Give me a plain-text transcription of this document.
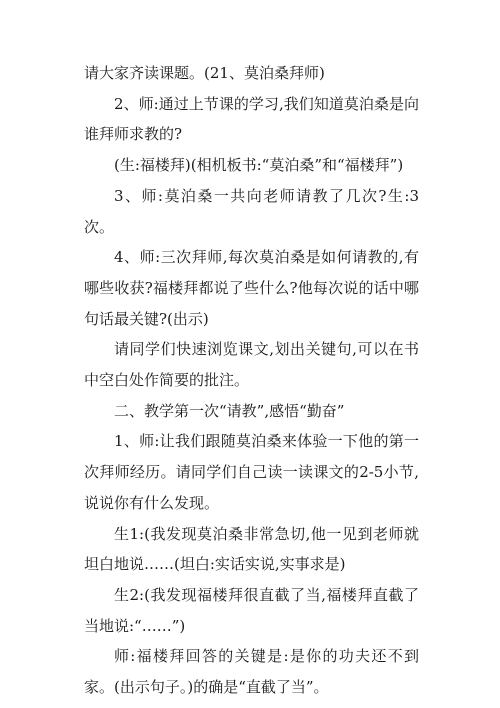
请大家齐读课题。(21、莫泊桑拜师)

2、师:通过上节课的学习,我们知道莫泊桑是向谁拜师求教的?

(生:福楼拜)(相机板书:“莫泊桑”和“福楼拜”)

3、师:莫泊桑一共向老师请教了几次?生:3次。

4、师:三次拜师,每次莫泊桑是如何请教的,有哪些收获?福楼拜都说了些什么?他每次说的话中哪句话最关键?(出示)

请同学们快速浏览课文,划出关键句,可以在书中空白处作简要的批注。

二、教学第一次“请教”,感悟“勤奋”

1、师:让我们跟随莫泊桑来体验一下他的第一次拜师经历。请同学们自己读一读课文的2-5小节,说说你有什么发现。

生1:(我发现莫泊桑非常急切,他一见到老师就坦白地说……(坦白:实话实说,实事求是)

生2:(我发现福楼拜很直截了当,福楼拜直截了当地说:“……”)

师:福楼拜回答的关键是:是你的功夫还不到家。(出示句子。)的确是“直截了当”。
